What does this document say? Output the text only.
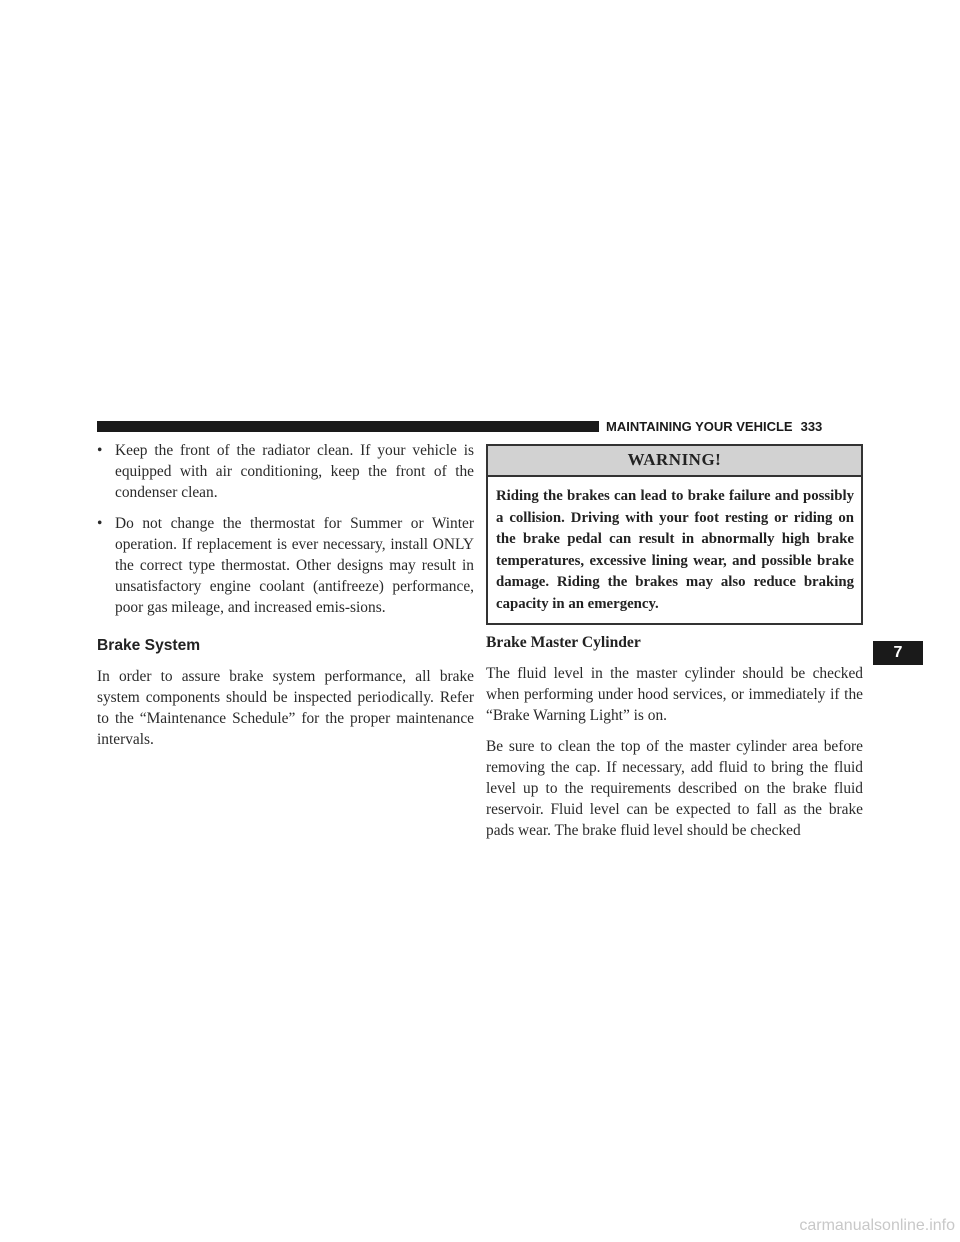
MAINTAINING YOUR VEHICLE 333
• Keep the front of the radiator clean. If your vehicle is equipped with air conditioning, keep the front of the condenser clean.
• Do not change the thermostat for Summer or Winter operation. If replacement is ever necessary, install ONLY the correct type thermostat. Other designs may result in unsatisfactory engine coolant (antifreeze) performance, poor gas mileage, and increased emis-sions.
Brake System
In order to assure brake system performance, all brake system components should be inspected periodically. Refer to the “Maintenance Schedule” for the proper maintenance intervals.
WARNING!
Riding the brakes can lead to brake failure and possibly a collision. Driving with your foot resting or riding on the brake pedal can result in abnormally high brake temperatures, excessive lining wear, and possible brake damage. Riding the brakes may also reduce braking capacity in an emergency.
Brake Master Cylinder
The fluid level in the master cylinder should be checked when performing under hood services, or immediately if the “Brake Warning Light” is on.
Be sure to clean the top of the master cylinder area before removing the cap. If necessary, add fluid to bring the fluid level up to the requirements described on the brake fluid reservoir. Fluid level can be expected to fall as the brake pads wear. The brake fluid level should be checked
7
carmanualsonline.info
